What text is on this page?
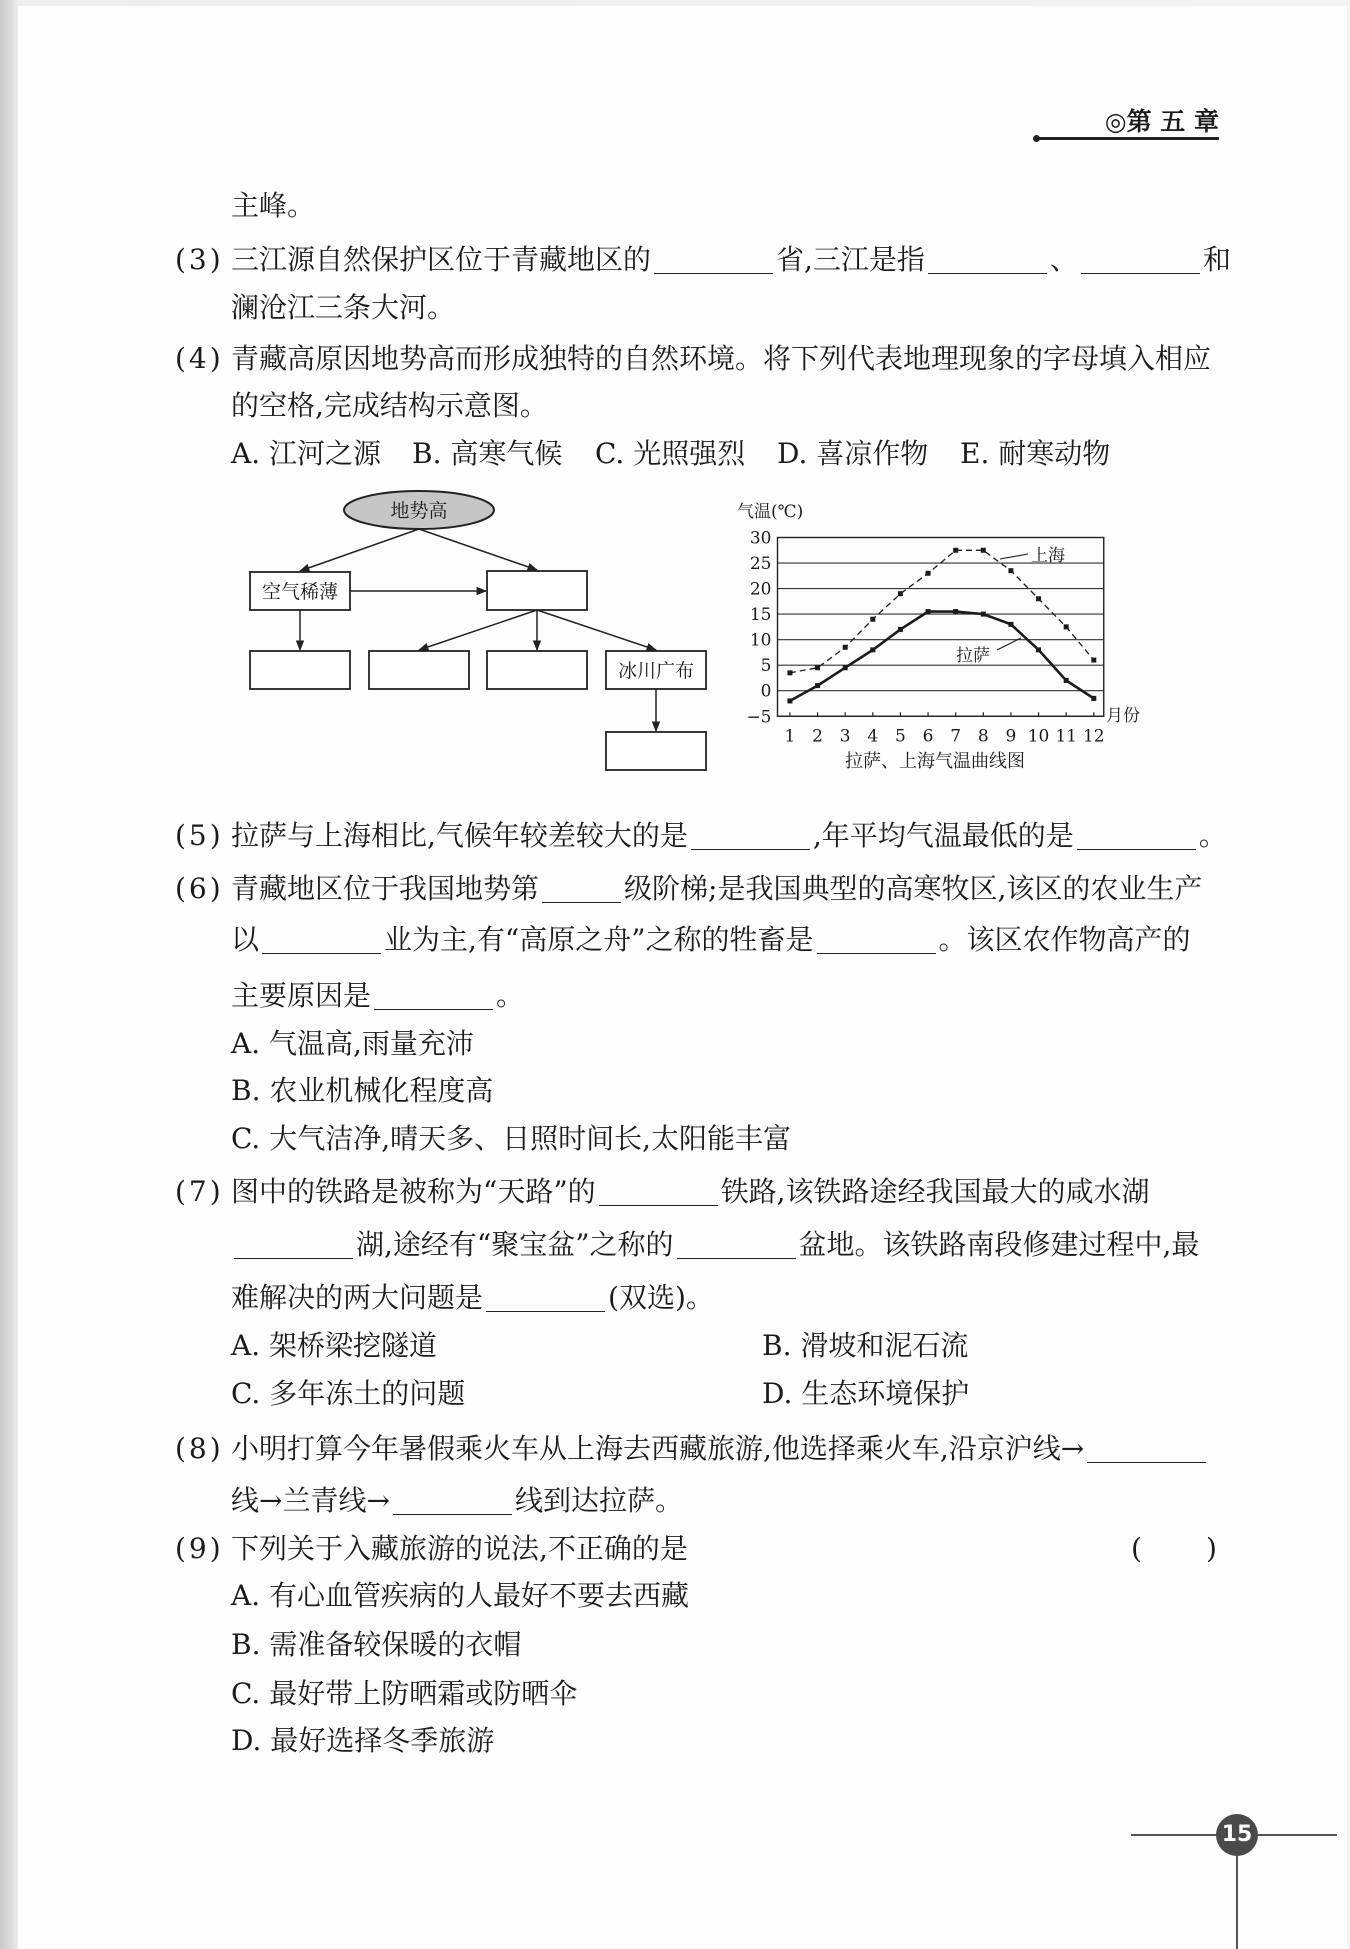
◎第 五 章
主峰。
(3) 三江源自然保护区位于青藏地区的	省,三江是指	、	和
澜沧江三条大河。
(4) 青藏高原因地势高而形成独特的自然环境。将下列代表地理现象的字母填入相应
的空格,完成结构示意图。
A. 江河之源 B. 高寒气候 C. 光照强烈 D. 喜凉作物 E. 耐寒动物
地势高
空气稀薄
冰川广布
30
25
20
15
10
5
0
−5
1 2 3 4 5 6 7 8 9 10 11 12
气温(℃)
月份
拉萨、上海气温曲线图
上海
拉萨
(5) 拉萨与上海相比,气候年较差较大的是	,年平均气温最低的是	。
(6) 青藏地区位于我国地势第	级阶梯;是我国典型的高寒牧区,该区的农业生产
以	业为主,有“高原之舟”之称的牲畜是	。该区农作物高产的
主要原因是	。
A. 气温高,雨量充沛
B. 农业机械化程度高
C. 大气洁净,晴天多、日照时间长,太阳能丰富
(7) 图中的铁路是被称为“天路”的	铁路,该铁路途经我国最大的咸水湖
湖,途经有“聚宝盆”之称的	盆地。该铁路南段修建过程中,最
难解决的两大问题是	(双选)。
A. 架桥梁挖隧道	B. 滑坡和泥石流
C. 多年冻土的问题	D. 生态环境保护
(8) 小明打算今年暑假乘火车从上海去西藏旅游,他选择乘火车,沿京沪线→
线→兰青线→	线到达拉萨。
(9) 下列关于入藏旅游的说法,不正确的是	( )
A. 有心血管疾病的人最好不要去西藏
B. 需准备较保暖的衣帽
C. 最好带上防晒霜或防晒伞
D. 最好选择冬季旅游
15
